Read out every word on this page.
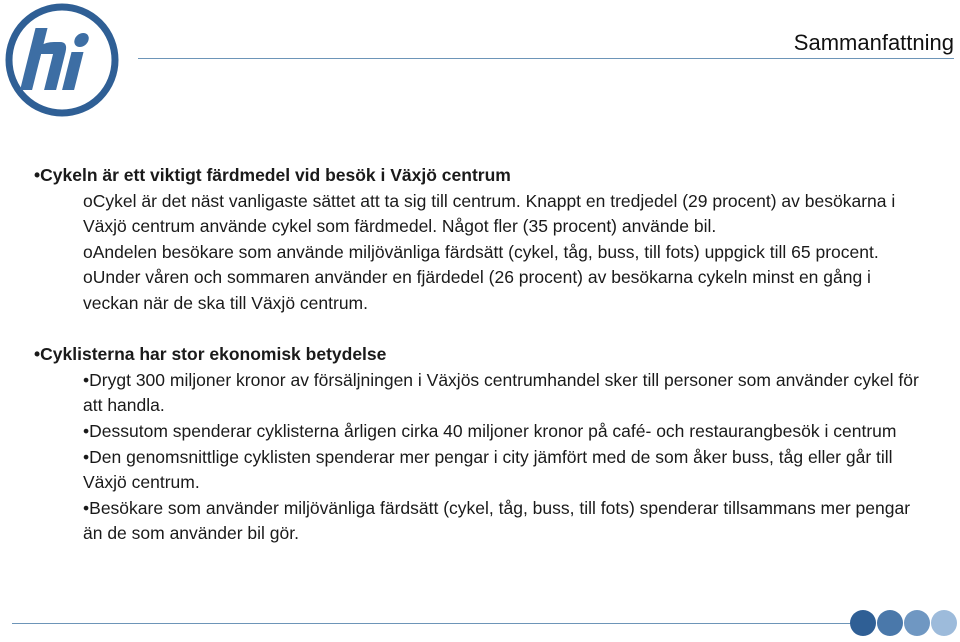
Sammanfattning

•Cykeln är ett viktigt färdmedel vid besök i Växjö centrum

oCykel är det näst vanligaste sättet att ta sig till centrum. Knappt en tredjedel (29 procent) av besökarna i Växjö centrum använde cykel som färdmedel. Något fler (35 procent) använde bil.

oAndelen besökare som använde miljövänliga färdsätt (cykel, tåg, buss, till fots) uppgick till 65 procent.

oUnder våren och sommaren använder en fjärdedel (26 procent) av besökarna cykeln minst en gång i veckan när de ska till Växjö centrum.

•Cyklisterna har stor ekonomisk betydelse

•Drygt 300 miljoner kronor av försäljningen i Växjös centrumhandel sker till personer som använder cykel för att handla.

•Dessutom spenderar cyklisterna årligen cirka 40 miljoner kronor på café- och restaurangbesök i centrum

•Den genomsnittlige cyklisten spenderar mer pengar i city jämfört med de som åker buss, tåg eller går till Växjö centrum.

•Besökare som använder miljövänliga färdsätt (cykel, tåg, buss, till fots) spenderar tillsammans mer pengar än de som använder bil gör.
